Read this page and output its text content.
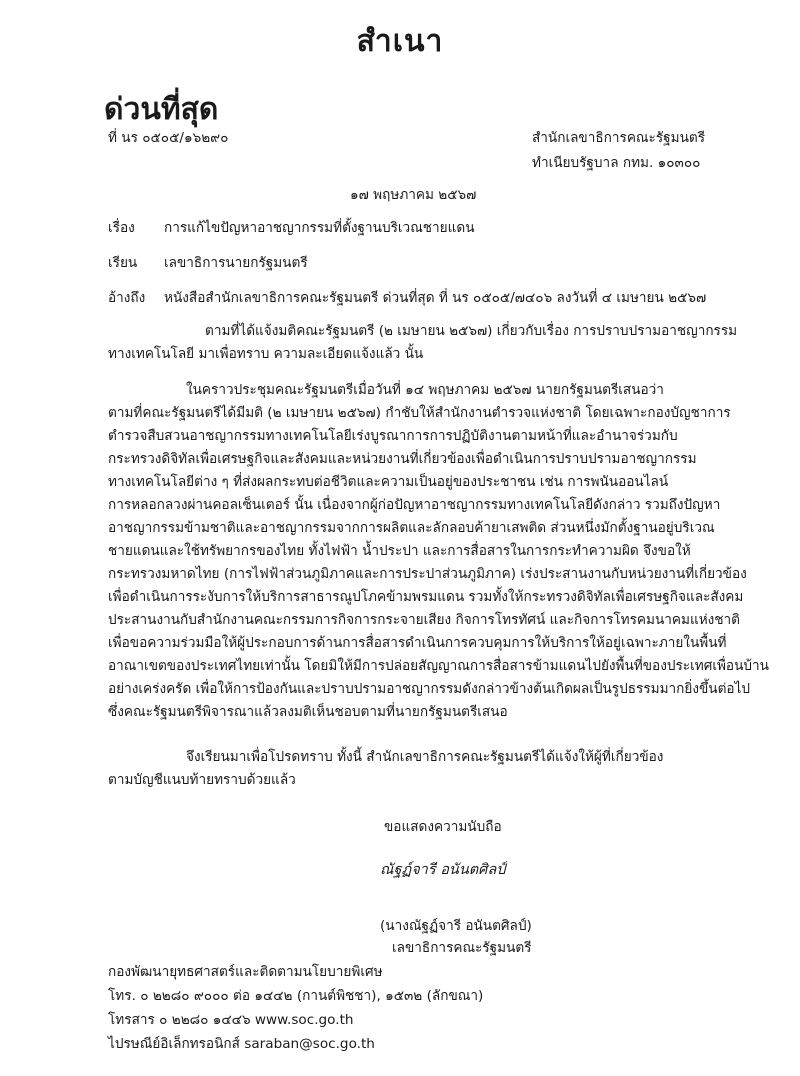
สำเนา
ด่วนที่สุด
ที่ นร ๐๕๐๕/๑๖๒๙๐	สำนักเลขาธิการคณะรัฐมนตรี
ทำเนียบรัฐบาล กทม. ๑๐๓๐๐
๑๗ พฤษภาคม ๒๕๖๗
เรื่อง การแก้ไขปัญหาอาชญากรรมที่ตั้งฐานบริเวณชายแดน
เรียน เลขาธิการนายกรัฐมนตรี
อ้างถึง หนังสือสำนักเลขาธิการคณะรัฐมนตรี ด่วนที่สุด ที่ นร ๐๕๐๕/๗๔๐๖ ลงวันที่ ๔ เมษายน ๒๕๖๗
ตามที่ได้แจ้งมติคณะรัฐมนตรี (๒ เมษายน ๒๕๖๗) เกี่ยวกับเรื่อง การปราบปรามอาชญากรรม
ทางเทคโนโลยี มาเพื่อทราบ ความละเอียดแจ้งแล้ว นั้น
ในคราวประชุมคณะรัฐมนตรีเมื่อวันที่ ๑๔ พฤษภาคม ๒๕๖๗ นายกรัฐมนตรีเสนอว่า
ตามที่คณะรัฐมนตรีได้มีมติ (๒ เมษายน ๒๕๖๗) กำชับให้สำนักงานตำรวจแห่งชาติ โดยเฉพาะกองบัญชาการ
ตำรวจสืบสวนอาชญากรรมทางเทคโนโลยีเร่งบูรณาการการปฏิบัติงานตามหน้าที่และอำนาจร่วมกับ
กระทรวงดิจิทัลเพื่อเศรษฐกิจและสังคมและหน่วยงานที่เกี่ยวข้องเพื่อดำเนินการปราบปรามอาชญากรรม
ทางเทคโนโลยีต่าง ๆ ที่ส่งผลกระทบต่อชีวิตและความเป็นอยู่ของประชาชน เช่น การพนันออนไลน์
การหลอกลวงผ่านคอลเซ็นเตอร์ นั้น เนื่องจากผู้ก่อปัญหาอาชญากรรมทางเทคโนโลยีดังกล่าว รวมถึงปัญหา
อาชญากรรมข้ามชาติและอาชญากรรมจากการผลิตและลักลอบค้ายาเสพติด ส่วนหนึ่งมักตั้งฐานอยู่บริเวณ
ชายแดนและใช้ทรัพยากรของไทย ทั้งไฟฟ้า น้ำประปา และการสื่อสารในการกระทำความผิด จึงขอให้
กระทรวงมหาดไทย (การไฟฟ้าส่วนภูมิภาคและการประปาส่วนภูมิภาค) เร่งประสานงานกับหน่วยงานที่เกี่ยวข้อง
เพื่อดำเนินการระงับการให้บริการสาธารณูปโภคข้ามพรมแดน รวมทั้งให้กระทรวงดิจิทัลเพื่อเศรษฐกิจและสังคม
ประสานงานกับสำนักงานคณะกรรมการกิจการกระจายเสียง กิจการโทรทัศน์ และกิจการโทรคมนาคมแห่งชาติ
เพื่อขอความร่วมมือให้ผู้ประกอบการด้านการสื่อสารดำเนินการควบคุมการให้บริการให้อยู่เฉพาะภายในพื้นที่
อาณาเขตของประเทศไทยเท่านั้น โดยมิให้มีการปล่อยสัญญาณการสื่อสารข้ามแดนไปยังพื้นที่ของประเทศเพื่อนบ้าน
อย่างเคร่งครัด เพื่อให้การป้องกันและปราบปรามอาชญากรรมดังกล่าวข้างต้นเกิดผลเป็นรูปธรรมมากยิ่งขึ้นต่อไป
ซึ่งคณะรัฐมนตรีพิจารณาแล้วลงมติเห็นชอบตามที่นายกรัฐมนตรีเสนอ
จึงเรียนมาเพื่อโปรดทราบ ทั้งนี้ สำนักเลขาธิการคณะรัฐมนตรีได้แจ้งให้ผู้ที่เกี่ยวข้อง
ตามบัญชีแนบท้ายทราบด้วยแล้ว
ขอแสดงความนับถือ
ณัฐฏ์จารี อนันตศิลป์
(นางณัฐฏ์จารี อนันตศิลป์)
เลขาธิการคณะรัฐมนตรี
กองพัฒนายุทธศาสตร์และติดตามนโยบายพิเศษ
โทร. ๐ ๒๒๘๐ ๙๐๐๐ ต่อ ๑๔๔๒ (กานต์พิชชา), ๑๕๓๒ (ลักขณา)
โทรสาร ๐ ๒๒๘๐ ๑๔๔๖ www.soc.go.th
ไปรษณีย์อิเล็กทรอนิกส์ saraban@soc.go.th
